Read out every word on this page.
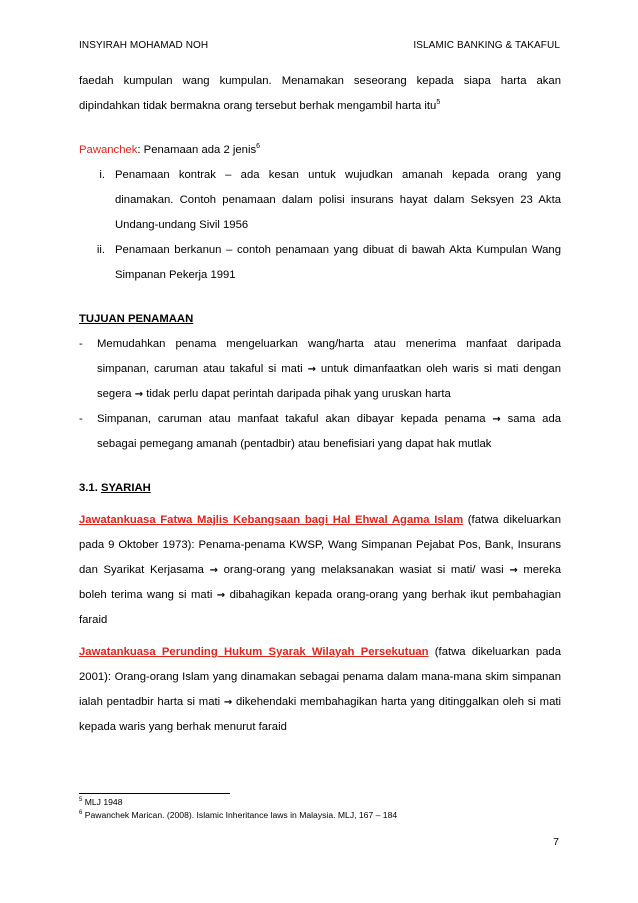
INSYIRAH MOHAMAD NOH	ISLAMIC BANKING & TAKAFUL

faedah kumpulan wang kumpulan. Menamakan seseorang kepada siapa harta akan dipindahkan tidak bermakna orang tersebut berhak mengambil harta itu$^5$

Pawanchek: Penamaan ada 2 jenis$^6$

i. Penamaan kontrak – ada kesan untuk wujudkan amanah kepada orang yang dinamakan. Contoh penamaan dalam polisi insurans hayat dalam Seksyen 23 Akta Undang-undang Sivil 1956
ii. Penamaan berkanun – contoh penamaan yang dibuat di bawah Akta Kumpulan Wang Simpanan Pekerja 1991

TUJUAN PENAMAAN

- Memudahkan penama mengeluarkan wang/harta atau menerima manfaat daripada simpanan, caruman atau takaful si mati → untuk dimanfaatkan oleh waris si mati dengan segera → tidak perlu dapat perintah daripada pihak yang uruskan harta
- Simpanan, caruman atau manfaat takaful akan dibayar kepada penama → sama ada sebagai pemegang amanah (pentadbir) atau benefisiari yang dapat hak mutlak

3.1. SYARIAH

Jawatankuasa Fatwa Majlis Kebangsaan bagi Hal Ehwal Agama Islam (fatwa dikeluarkan pada 9 Oktober 1973): Penama-penama KWSP, Wang Simpanan Pejabat Pos, Bank, Insurans dan Syarikat Kerjasama → orang-orang yang melaksanakan wasiat si mati/ wasi → mereka boleh terima wang si mati → dibahagikan kepada orang-orang yang berhak ikut pembahagian faraid

Jawatankuasa Perunding Hukum Syarak Wilayah Persekutuan (fatwa dikeluarkan pada 2001): Orang-orang Islam yang dinamakan sebagai penama dalam mana-mana skim simpanan ialah pentadbir harta si mati → dikehendaki membahagikan harta yang ditinggalkan oleh si mati kepada waris yang berhak menurut faraid

$^5$ MLJ 1948
$^6$ Pawanchek Marican. (2008). Islamic Inheritance laws in Malaysia. MLJ, 167 – 184
7
